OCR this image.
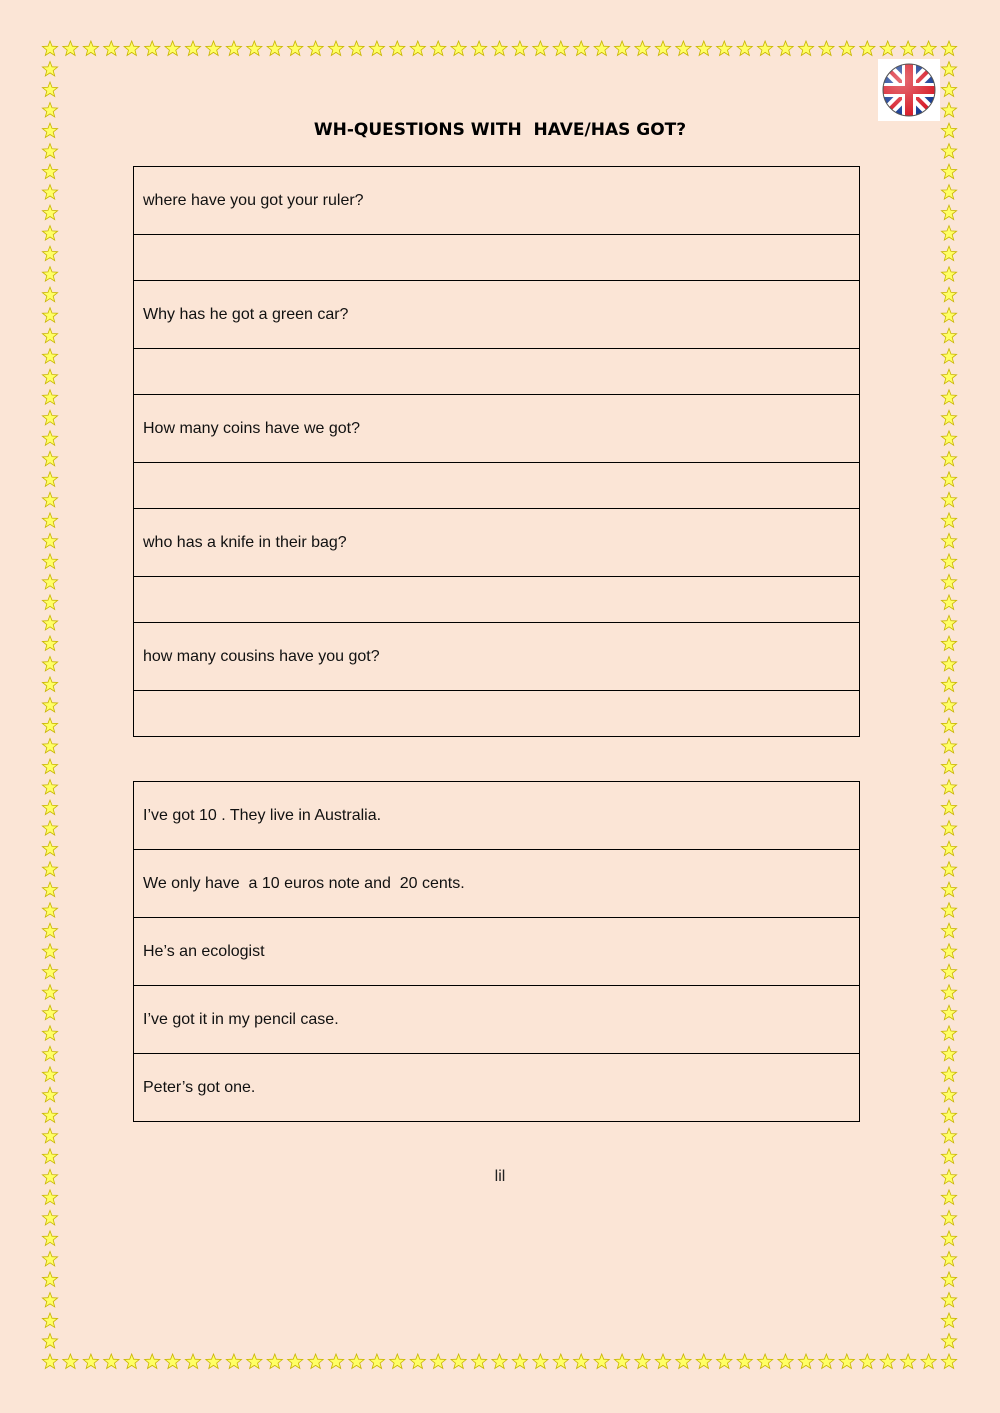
WH-QUESTIONS WITH  HAVE/HAS GOT?
where have you got your ruler?

Why has he got a green car?

How many coins have we got?

who has a knife in their bag?

how many cousins have you got?

I’ve got 10 . They live in Australia.
We only have  a 10 euros note and  20 cents.
He’s an ecologist
I’ve got it in my pencil case.
Peter’s got one.
lil
